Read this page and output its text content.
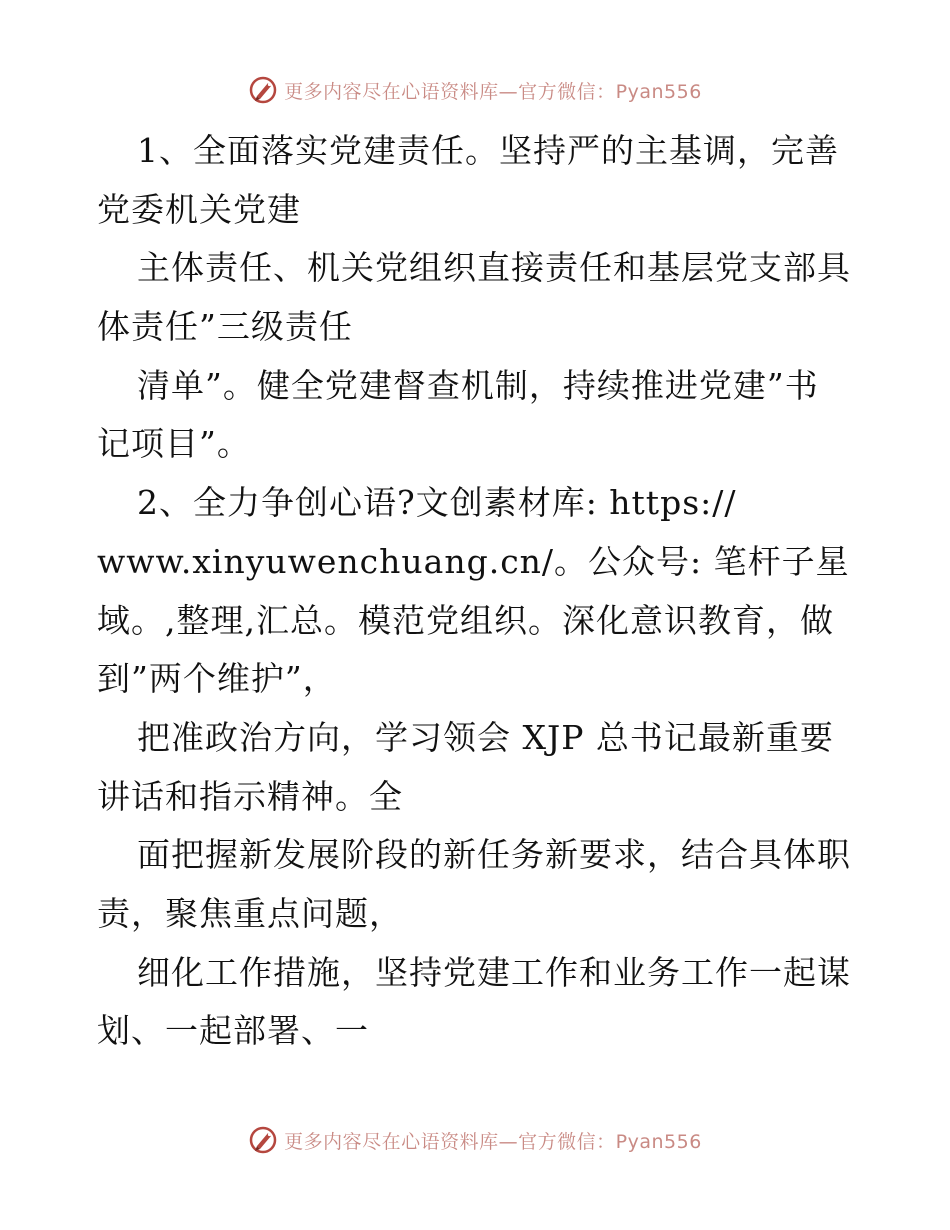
更多内容尽在心语资料库—官方微信：Pyan556
1、全面落实党建责任。坚持严的主基调，完善
党委机关党建
主体责任、机关党组织直接责任和基层党支部具
体责任”三级责任
清单”。健全党建督查机制，持续推进党建”书
记项目”。
2、全力争创心语?文创素材库: https://
www.xinyuwenchuang.cn/。公众号: 笔杆子星
域。,整理,汇总。模范党组织。深化意识教育，做
到”两个维护”，
把准政治方向，学习领会 XJP 总书记最新重要
讲话和指示精神。全
面把握新发展阶段的新任务新要求，结合具体职
责，聚焦重点问题，
细化工作措施，坚持党建工作和业务工作一起谋
划、一起部署、一
更多内容尽在心语资料库—官方微信：Pyan556
